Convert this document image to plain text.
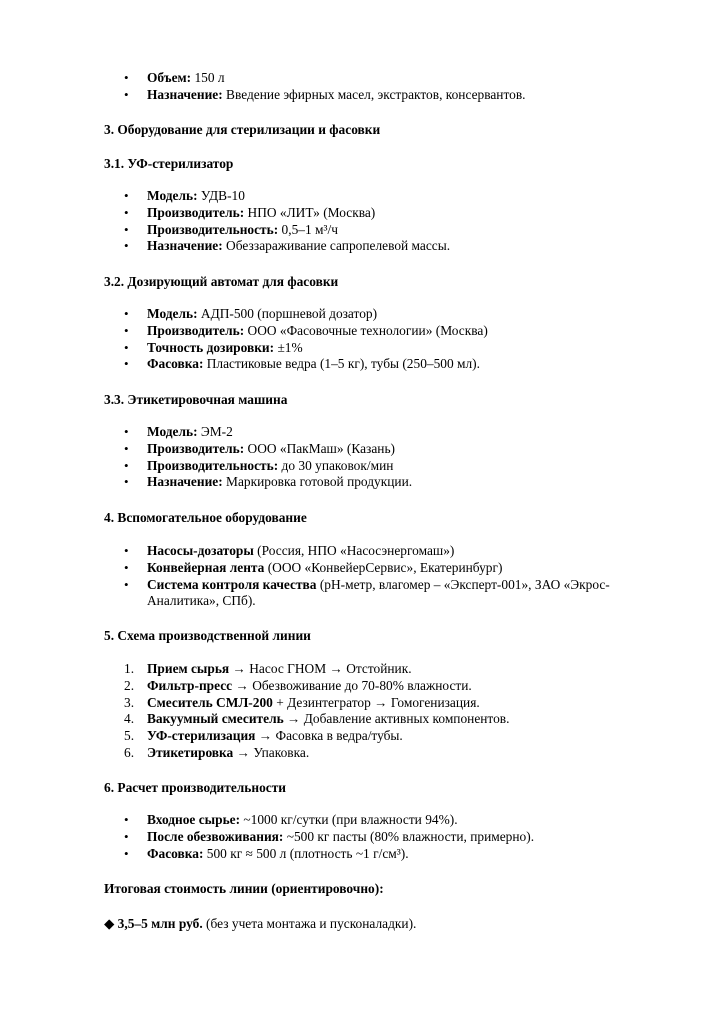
• Объем: 150 л
• Назначение: Введение эфирных масел, экстрактов, консервантов.
3. Оборудование для стерилизации и фасовки
3.1. УФ-стерилизатор
• Модель: УДВ-10
• Производитель: НПО «ЛИТ» (Москва)
• Производительность: 0,5–1 м³/ч
• Назначение: Обеззараживание сапропелевой массы.
3.2. Дозирующий автомат для фасовки
• Модель: АДП-500 (поршневой дозатор)
• Производитель: ООО «Фасовочные технологии» (Москва)
• Точность дозировки: ±1%
• Фасовка: Пластиковые ведра (1–5 кг), тубы (250–500 мл).
3.3. Этикетировочная машина
• Модель: ЭМ-2
• Производитель: ООО «ПакМаш» (Казань)
• Производительность: до 30 упаковок/мин
• Назначение: Маркировка готовой продукции.
4. Вспомогательное оборудование
• Насосы-дозаторы (Россия, НПО «Насосэнергомаш»)
• Конвейерная лента (ООО «КонвейерСервис», Екатеринбург)
• Система контроля качества (pH-метр, влагомер – «Эксперт-001», ЗАО «Экрос-Аналитика», СПб).
5. Схема производственной линии
1. Прием сырья → Насос ГНОМ → Отстойник.
2. Фильтр-пресс → Обезвоживание до 70-80% влажности.
3. Смеситель СМЛ-200 + Дезинтегратор → Гомогенизация.
4. Вакуумный смеситель → Добавление активных компонентов.
5. УФ-стерилизация → Фасовка в ведра/тубы.
6. Этикетировка → Упаковка.
6. Расчет производительности
• Входное сырье: ~1000 кг/сутки (при влажности 94%).
• После обезвоживания: ~500 кг пасты (80% влажности, примерно).
• Фасовка: 500 кг ≈ 500 л (плотность ~1 г/см³).
Итоговая стоимость линии (ориентировочно):
◆ 3,5–5 млн руб. (без учета монтажа и пусконаладки).
